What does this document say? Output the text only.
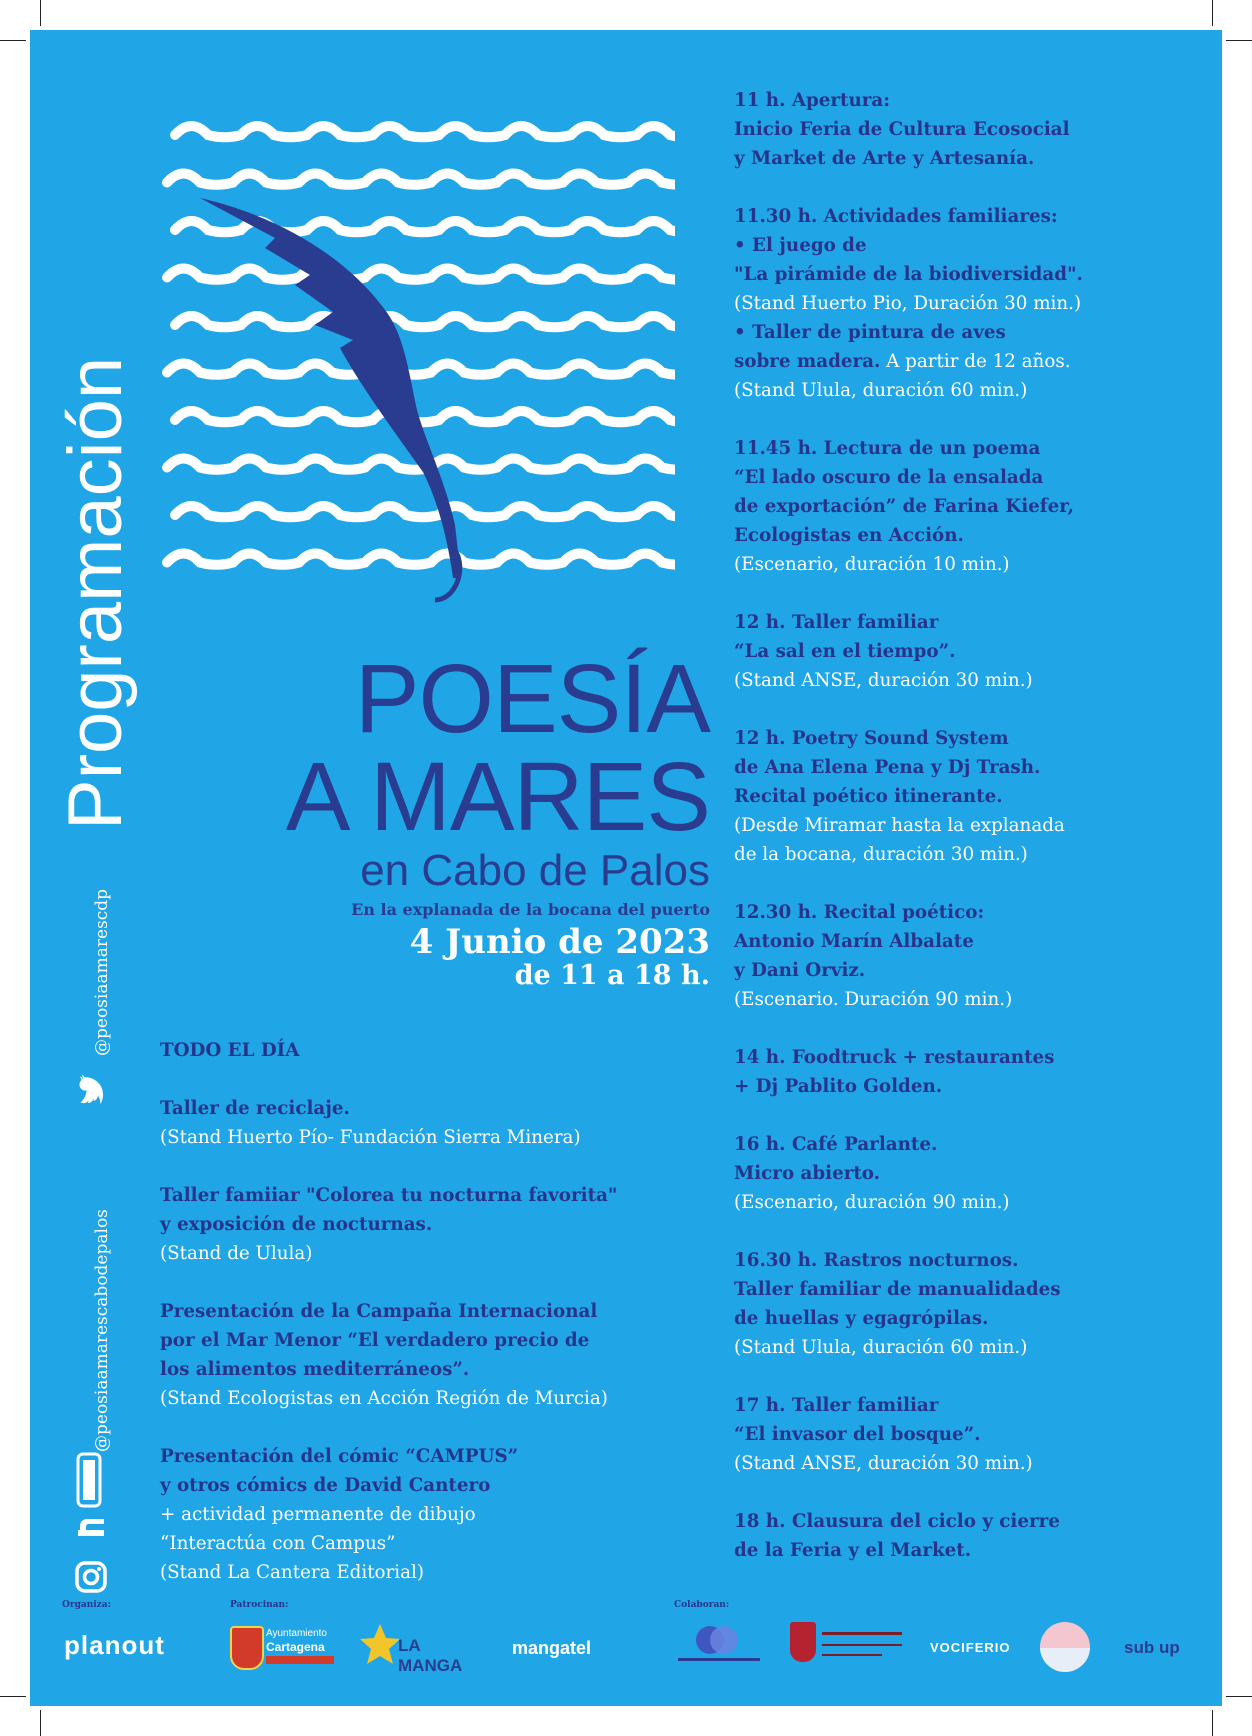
Programación
@peosiaamarescdp
@peosiaamarescabodepalos
POESÍA
A MARES
en Cabo de Palos
En la explanada de la bocana del puerto
4 Junio de 2023
de 11 a 18 h.
TODO EL DÍA
Taller de reciclaje.
(Stand Huerto Pío- Fundación Sierra Minera)
Taller famiiar "Colorea tu nocturna favorita"
y exposición de nocturnas.
(Stand de Ulula)
Presentación de la Campaña Internacional
por el Mar Menor “El verdadero precio de
los alimentos mediterráneos”.
(Stand Ecologistas en Acción Región de Murcia)
Presentación del cómic “CAMPUS”
y otros cómics de David Cantero
+ actividad permanente de dibujo
“Interactúa con Campus”
(Stand La Cantera Editorial)
11 h. Apertura:
Inicio Feria de Cultura Ecosocial
y Market de Arte y Artesanía.
11.30 h. Actividades familiares:
• El juego de
"La pirámide de la biodiversidad".
(Stand Huerto Pio, Duración 30 min.)
• Taller de pintura de aves
sobre madera. A partir de 12 años.
(Stand Ulula, duración 60 min.)
11.45 h. Lectura de un poema
“El lado oscuro de la ensalada
de exportación” de Farina Kiefer,
Ecologistas en Acción.
(Escenario, duración 10 min.)
12 h. Taller familiar
“La sal en el tiempo”.
(Stand ANSE, duración 30 min.)
12 h. Poetry Sound System
de Ana Elena Pena y Dj Trash.
Recital poético itinerante.
(Desde Miramar hasta la explanada
de la bocana, duración 30 min.)
12.30 h. Recital poético:
Antonio Marín Albalate
y Dani Orviz.
(Escenario. Duración 90 min.)
14 h. Foodtruck + restaurantes
+ Dj Pablito Golden.
16 h. Café Parlante.
Micro abierto.
(Escenario, duración 90 min.)
16.30 h. Rastros nocturnos.
Taller familiar de manualidades
de huellas y egagrópilas.
(Stand Ulula, duración 60 min.)
17 h. Taller familiar
“El invasor del bosque”.
(Stand ANSE, duración 30 min.)
18 h. Clausura del ciclo y cierre
de la Feria y el Market.
Organiza:	Patrocinan:	Colaboran:
planout	Ayuntamiento
Cartagena	LA MANGA
mangatel	VOCIFERIO	sub up
